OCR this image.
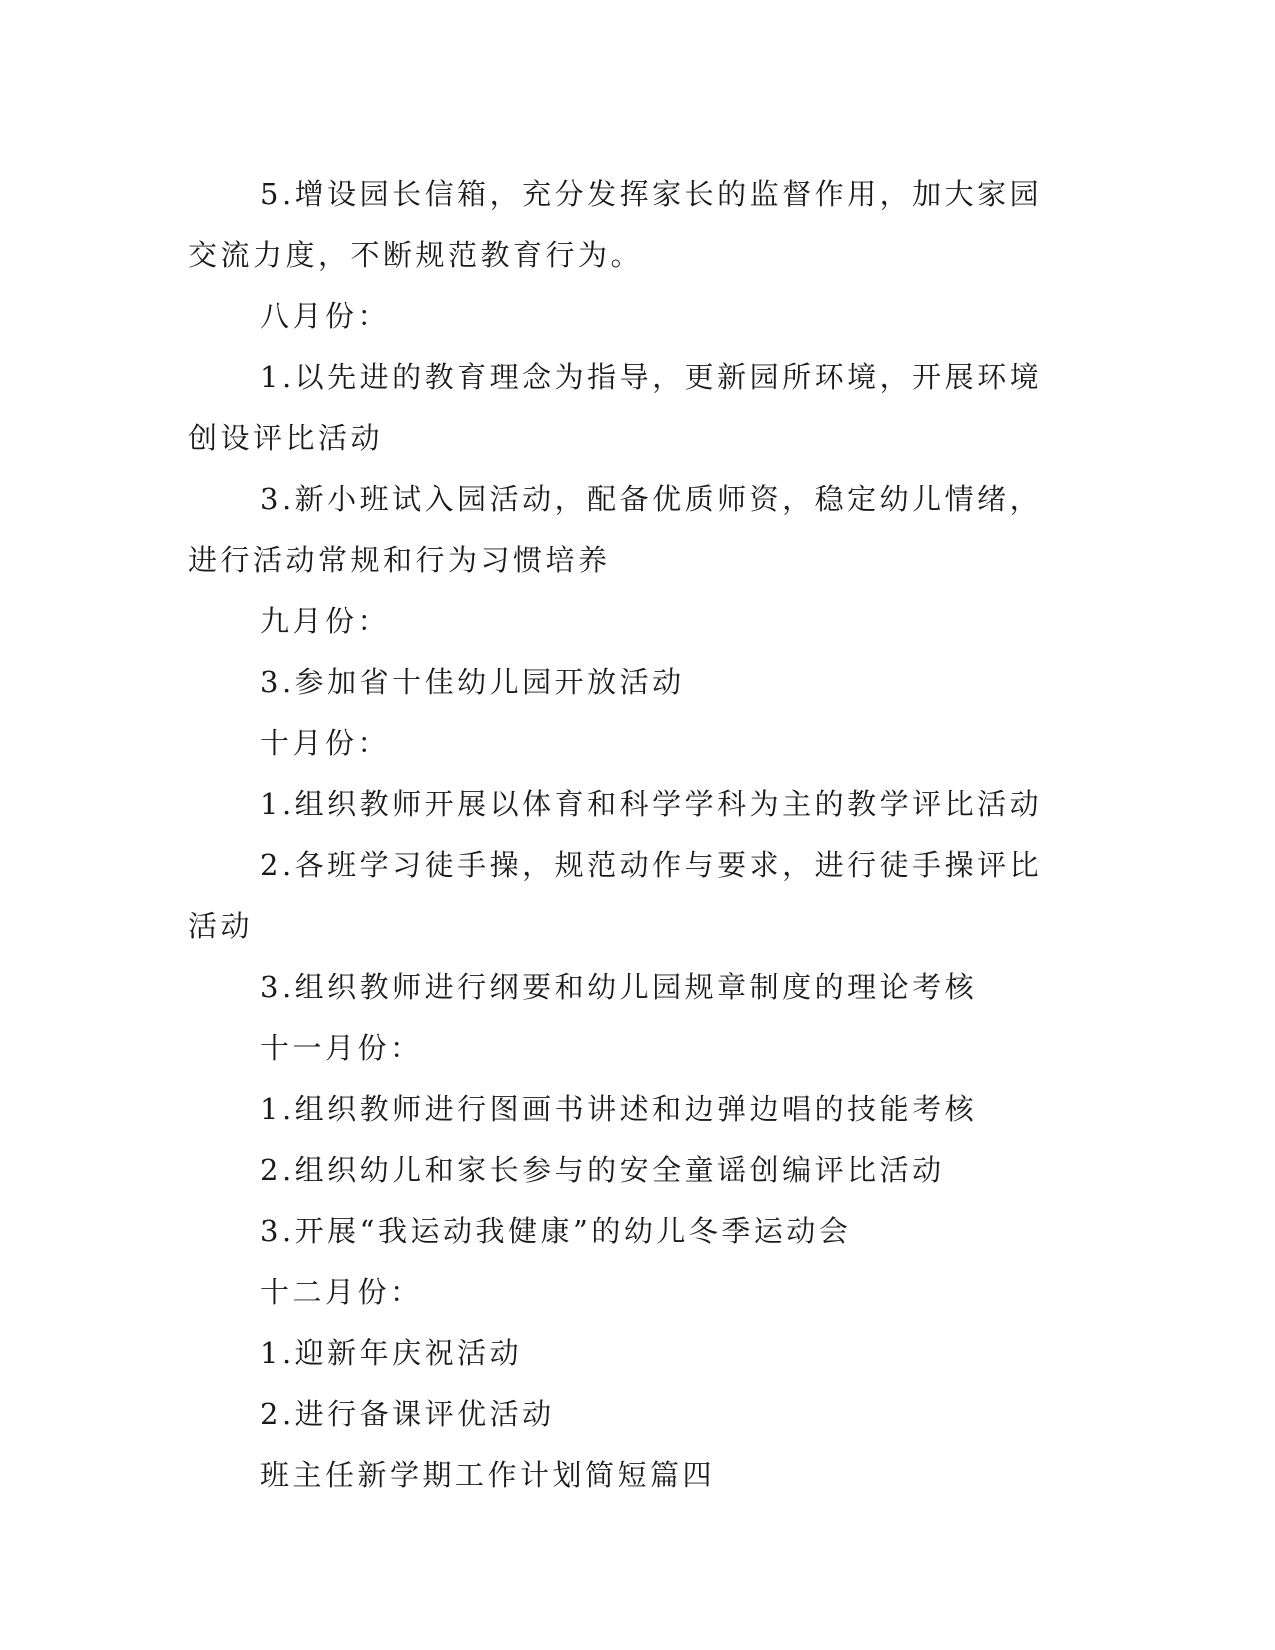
5.增设园长信箱，充分发挥家长的监督作用，加大家园交流力度，不断规范教育行为。

八月份：

1.以先进的教育理念为指导，更新园所环境，开展环境创设评比活动

3.新小班试入园活动，配备优质师资，稳定幼儿情绪，进行活动常规和行为习惯培养

九月份：

3.参加省十佳幼儿园开放活动

十月份：

1.组织教师开展以体育和科学学科为主的教学评比活动

2.各班学习徒手操，规范动作与要求，进行徒手操评比活动

3.组织教师进行纲要和幼儿园规章制度的理论考核

十一月份：

1.组织教师进行图画书讲述和边弹边唱的技能考核

2.组织幼儿和家长参与的安全童谣创编评比活动

3.开展“我运动我健康”的幼儿冬季运动会

十二月份：

1.迎新年庆祝活动

2.进行备课评优活动

班主任新学期工作计划简短篇四
